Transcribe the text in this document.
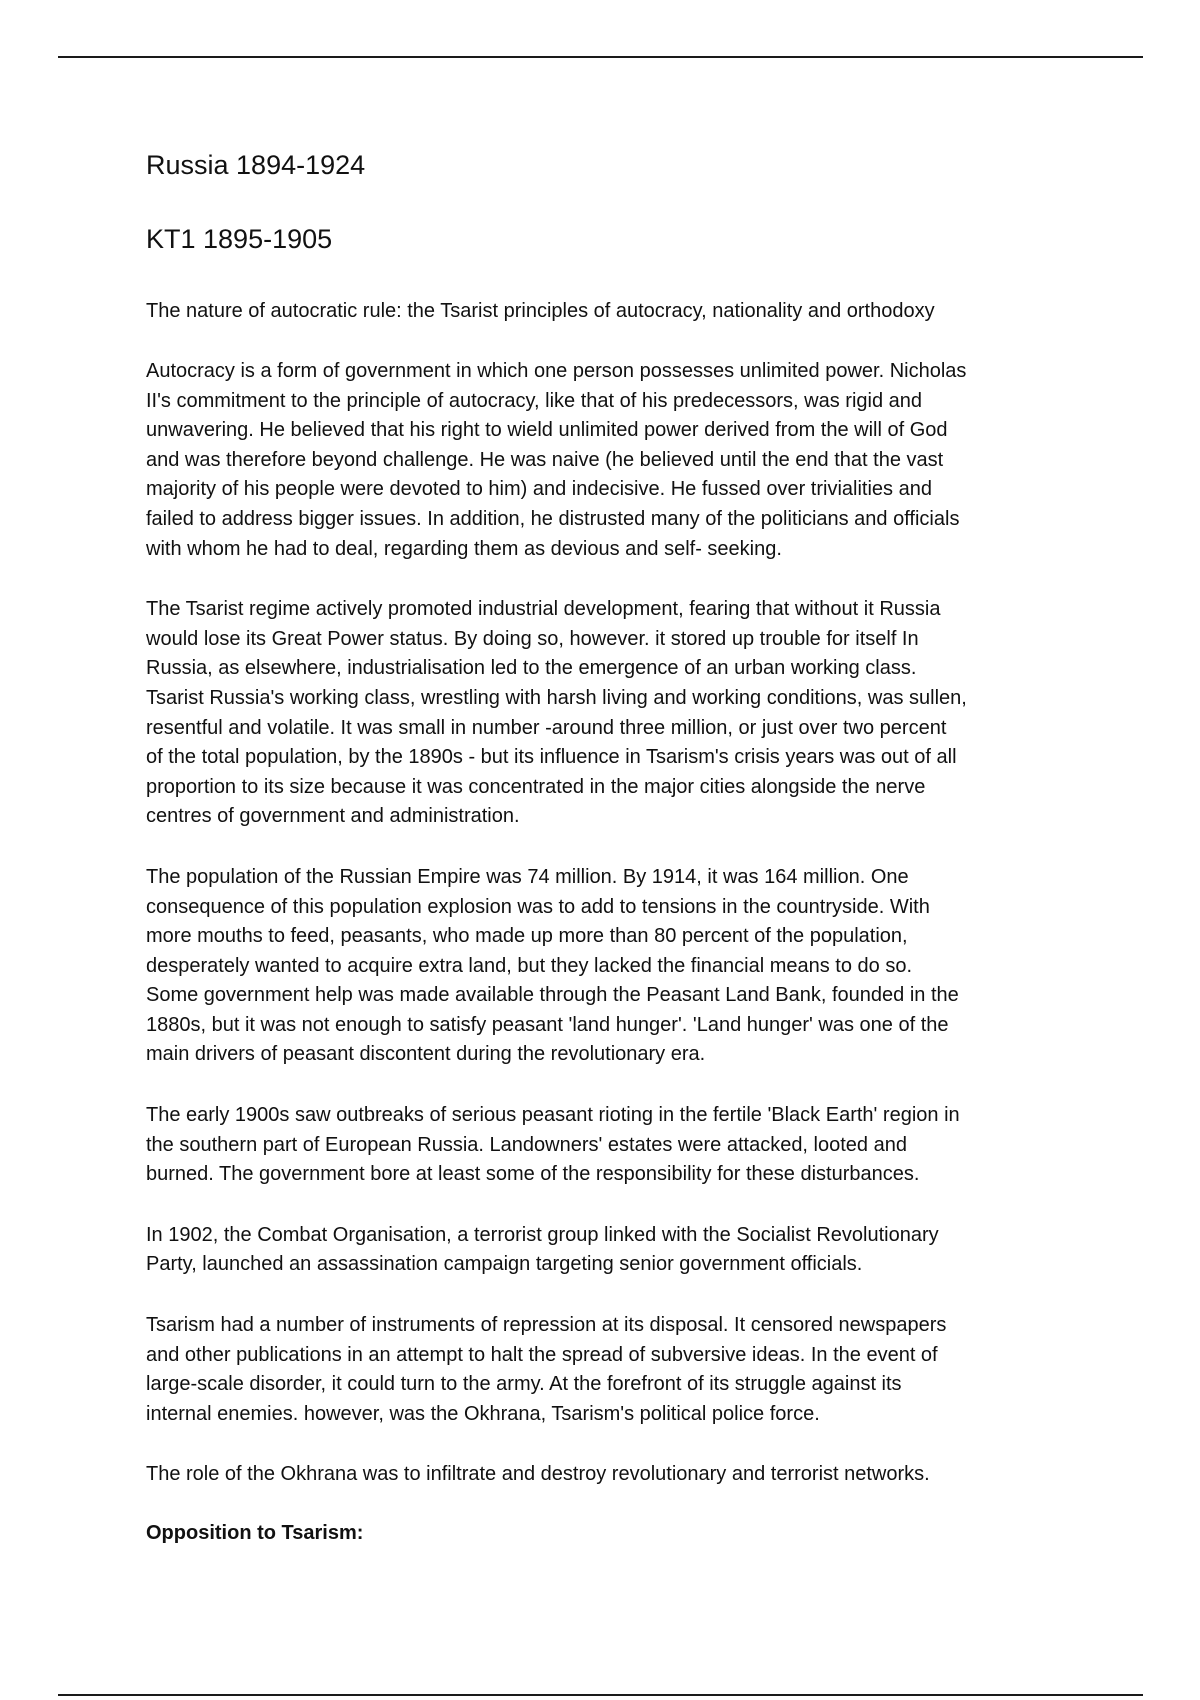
Russia 1894-1924
KT1 1895-1905

The nature of autocratic rule: the Tsarist principles of autocracy, nationality and orthodoxy

Autocracy is a form of government in which one person possesses unlimited power. Nicholas
II's commitment to the principle of autocracy, like that of his predecessors, was rigid and
unwavering. He believed that his right to wield unlimited power derived from the will of God
and was therefore beyond challenge. He was naive (he believed until the end that the vast
majority of his people were devoted to him) and indecisive. He fussed over trivialities and
failed to address bigger issues. In addition, he distrusted many of the politicians and officials
with whom he had to deal, regarding them as devious and self- seeking.

The Tsarist regime actively promoted industrial development, fearing that without it Russia
would lose its Great Power status. By doing so, however. it stored up trouble for itself In
Russia, as elsewhere, industrialisation led to the emergence of an urban working class.
Tsarist Russia's working class, wrestling with harsh living and working conditions, was sullen,
resentful and volatile. It was small in number -around three million, or just over two percent
of the total population, by the 1890s - but its influence in Tsarism's crisis years was out of all
proportion to its size because it was concentrated in the major cities alongside the nerve
centres of government and administration.

The population of the Russian Empire was 74 million. By 1914, it was 164 million. One
consequence of this population explosion was to add to tensions in the countryside. With
more mouths to feed, peasants, who made up more than 80 percent of the population,
desperately wanted to acquire extra land, but they lacked the financial means to do so.
Some government help was made available through the Peasant Land Bank, founded in the
1880s, but it was not enough to satisfy peasant 'land hunger'. 'Land hunger' was one of the
main drivers of peasant discontent during the revolutionary era.

The early 1900s saw outbreaks of serious peasant rioting in the fertile 'Black Earth' region in
the southern part of European Russia. Landowners' estates were attacked, looted and
burned. The government bore at least some of the responsibility for these disturbances.

In 1902, the Combat Organisation, a terrorist group linked with the Socialist Revolutionary
Party, launched an assassination campaign targeting senior government officials.

Tsarism had a number of instruments of repression at its disposal. It censored newspapers
and other publications in an attempt to halt the spread of subversive ideas. In the event of
large-scale disorder, it could turn to the army. At the forefront of its struggle against its
internal enemies. however, was the Okhrana, Tsarism's political police force.

The role of the Okhrana was to infiltrate and destroy revolutionary and terrorist networks.

Opposition to Tsarism:
